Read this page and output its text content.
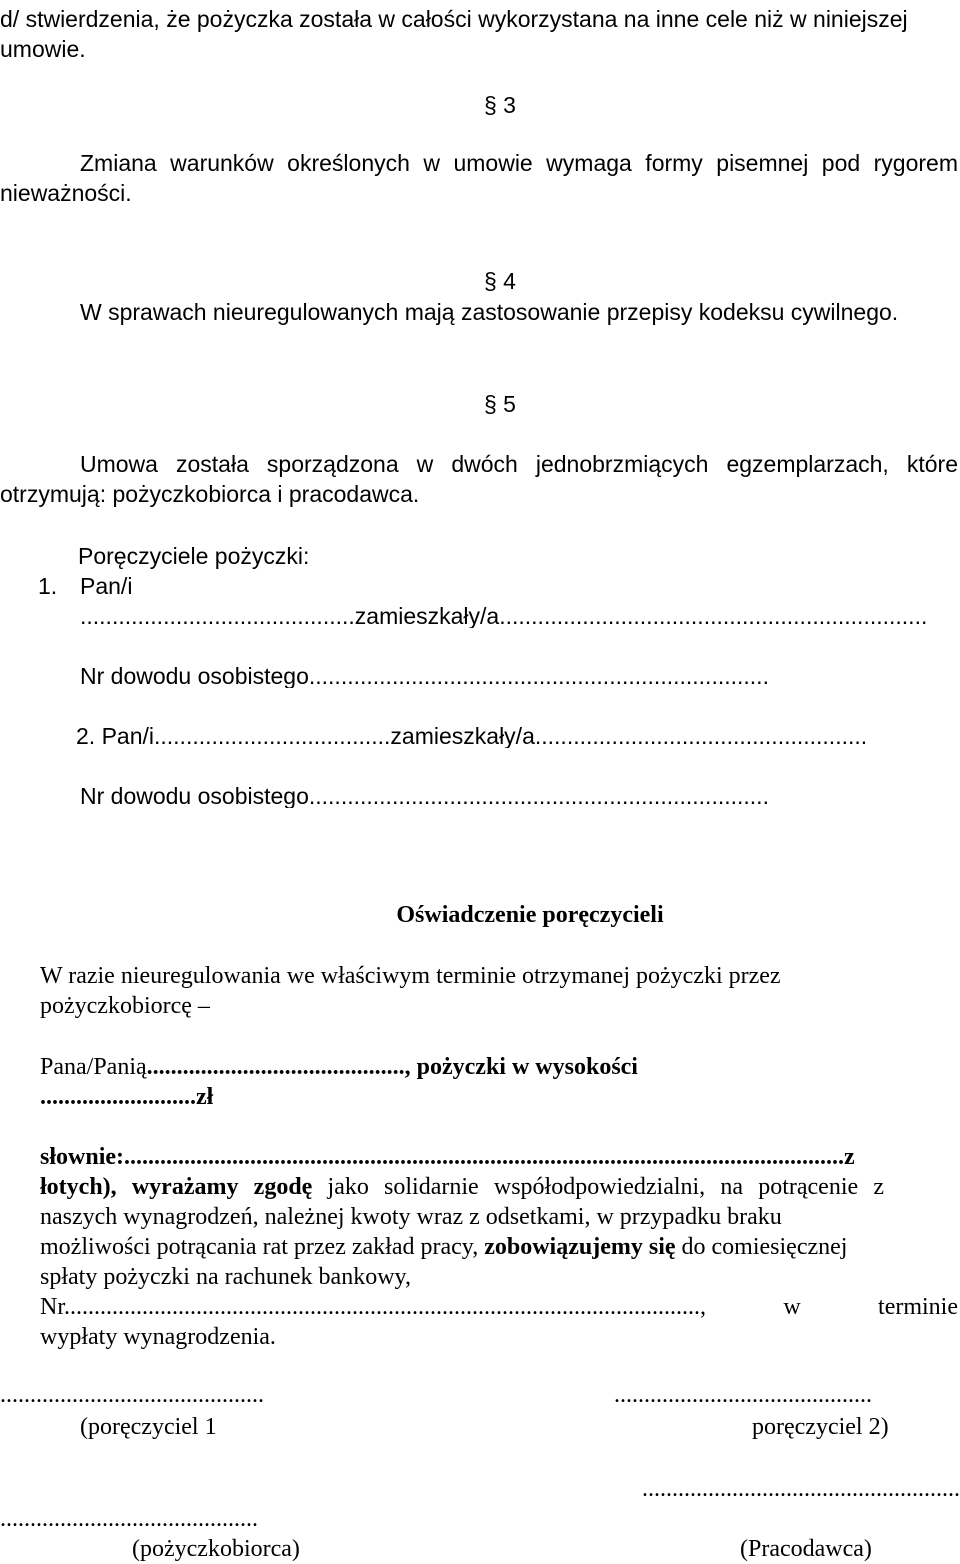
d/ stwierdzenia, że pożyczka została w całości wykorzystana na inne cele niż w niniejszej
umowie.
§ 3
Zmiana warunków określonych w umowie wymaga formy pisemnej pod rygorem
nieważności.
§ 4
W sprawach nieuregulowanych mają zastosowanie przepisy kodeksu cywilnego.
§ 5
Umowa została sporządzona w dwóch jednobrzmiących egzemplarzach, które
otrzymują: pożyczkobiorca i pracodawca.
Poręczyciele pożyczki:
1. Pan/i
...........................................zamieszkały/a...................................................................
Nr dowodu osobistego........................................................................
2. Pan/i.....................................zamieszkały/a....................................................
Nr dowodu osobistego........................................................................
Oświadczenie poręczycieli
W razie nieuregulowania we właściwym terminie otrzymanej pożyczki przez
pożyczkobiorcę –
Pana/Panią..........................................., pożyczki w wysokości
..........................zł
słownie:........................................................................................................................z
łotych), wyrażamy zgodę jako solidarnie współodpowiedzialni, na potrącenie z
naszych wynagrodzeń, należnej kwoty wraz z odsetkami, w przypadku braku
możliwości potrącania rat przez zakład pracy, zobowiązujemy się do comiesięcznej
spłaty pożyczki na rachunek bankowy,
Nr.........................................................................................................., w terminie
wypłaty wynagrodzenia.
............................................	...........................................
(poręczyciel 1	poręczyciel 2)
.....................................................
...........................................
(pożyczkobiorca)	(Pracodawca)
